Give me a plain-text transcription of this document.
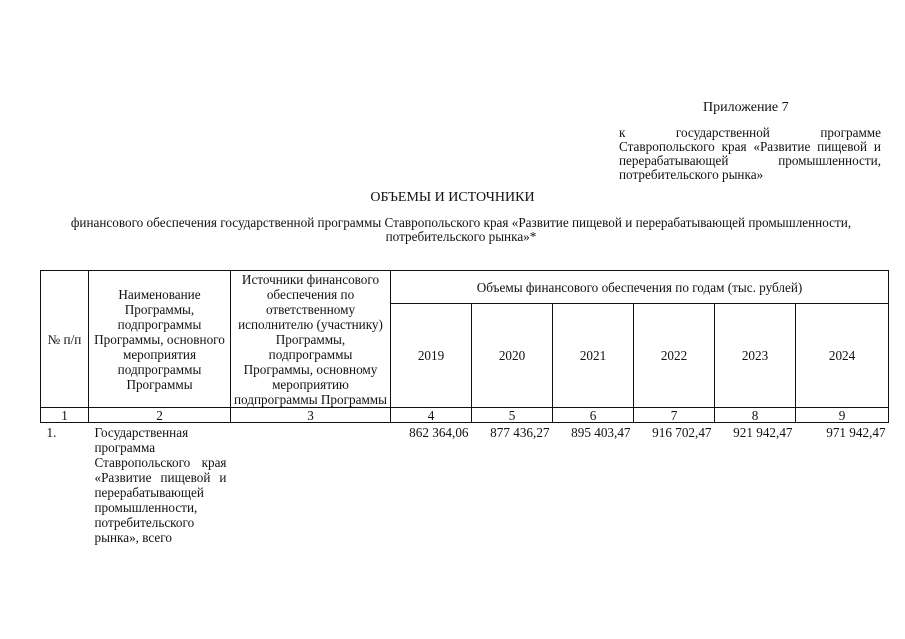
Приложение 7
к государственной программе Ставропольского края «Развитие пищевой и перерабатывающей промышленности, потребительского рынка»
ОБЪЕМЫ И ИСТОЧНИКИ
финансового обеспечения государственной программы Ставропольского края «Развитие пищевой и перерабатывающей промышленности, потребительского рынка»*
№ п/п	Наименование Программы, подпрограммы Программы, основного мероприятия подпрограммы Программы	Источники финансового обеспечения по ответственному исполнителю (участнику) Программы, подпрограммы Программы, основному мероприятию подпрограммы Программы	Объемы финансового обеспечения по годам (тыс. рублей)					
			2019	2020	2021	2022	2023	2024
1	2	3	4	5	6	7	8	9
1.	Государственная программа Ставропольского края «Развитие пищевой и перерабатывающей промышленности, потребительского рынка», всего		862 364,06	877 436,27	895 403,47	916 702,47	921 942,47	971 942,47
